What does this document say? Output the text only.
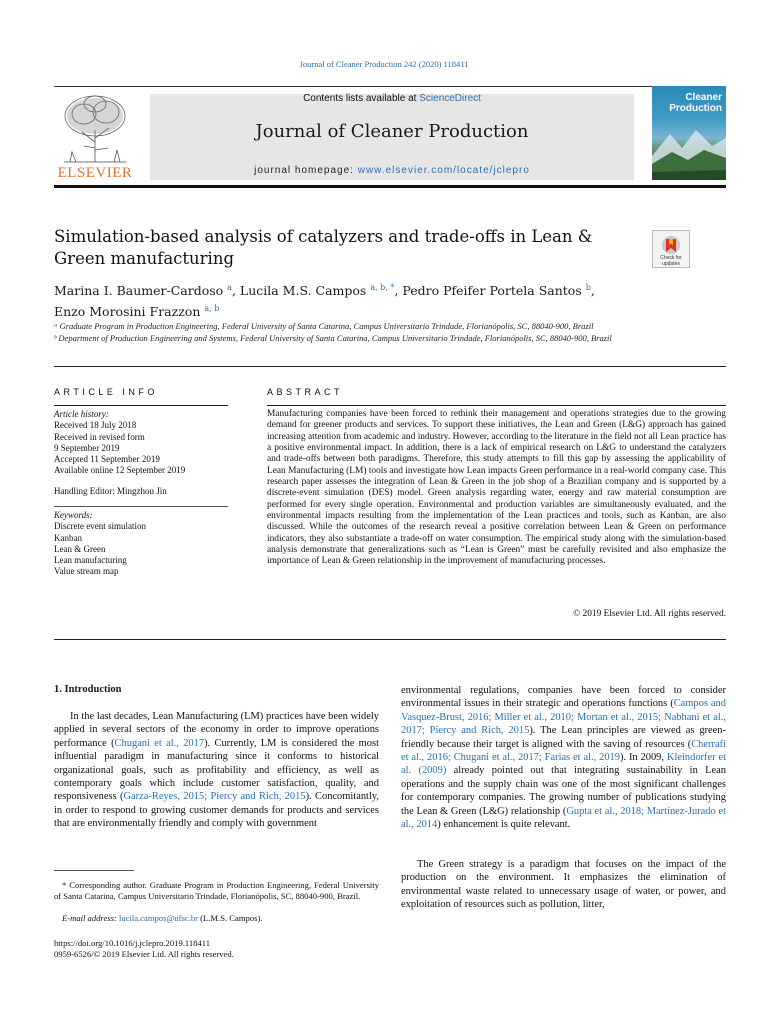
Journal of Cleaner Production 242 (2020) 118411
ELSEVIER
Contents lists available at ScienceDirect
Journal of Cleaner Production
journal homepage: www.elsevier.com/locate/jclepro
Cleaner
Production
Simulation-based analysis of catalyzers and trade-offs in Lean & Green manufacturing	Check for updates
Marina I. Baumer-Cardoso $^a$, Lucila M.S. Campos $^{a, b, *}$, Pedro Pfeifer Portela Santos $^b$,
Enzo Morosini Frazzon $^{a, b}$
ᵃ Graduate Program in Production Engineering, Federal University of Santa Catarina, Campus Universitario Trindade, Florianópolis, SC, 88040-900, Brazil
ᵇ Department of Production Engineering and Systems, Federal University of Santa Catarina, Campus Universitario Trindade, Florianópolis, SC, 88040-900, Brazil
ARTICLE INFO
Article history:
Received 18 July 2018
Received in revised form
9 September 2019
Accepted 11 September 2019
Available online 12 September 2019
Handling Editor: Mingzhou Jin
Keywords:
Discrete event simulation
Kanban
Lean & Green
Lean manufacturing
Value stream map
ABSTRACT
Manufacturing companies have been forced to rethink their management and operations strategies due to the growing demand for greener products and services. To support these initiatives, the Lean and Green (L&G) approach has gained increasing attention from academic and industry. However, according to the literature in the field not all Lean practice has a positive environmental impact. In addition, there is a lack of empirical research on L&G to understand the catalyzers and trade-offs between both paradigms. Therefore, this study attempts to fill this gap by assessing the applicability of Lean Manufacturing (LM) tools and investigate how Lean impacts Green performance in a real-world company case. This research paper assesses the integration of Lean & Green in the job shop of a Brazilian company and is supported by a discrete-event simulation (DES) model. Green analysis regarding water, energy and raw material consumption are performed for every single operation. Environmental and production variables are simultaneously evaluated, and the environmental impacts resulting from the implementation of the Lean practices and tools, such as Kanban, are also discussed. While the outcomes of the research reveal a positive correlation between Lean & Green on performance indicators, they also substantiate a trade-off on water consumption. The empirical study along with the simulation-based analysis demonstrate that generalizations such as “Lean is Green” must be carefully revisited and also emphasize the importance of Lean & Green relationship in the improvement of manufacturing processes.
© 2019 Elsevier Ltd. All rights reserved.
1. Introduction
In the last decades, Lean Manufacturing (LM) practices have been widely applied in several sectors of the economy in order to improve operations performance (Chugani et al., 2017). Currently, LM is considered the most influential paradigm in manufacturing since it conforms to historical organizational goals, such as profitability and efficiency, as well as contemporary goals which include customer satisfaction, quality, and responsiveness (Garza-Reyes, 2015; Piercy and Rich, 2015). Concomitantly, in order to respond to growing customer demands for products and services that are environmentally friendly and comply with government
environmental regulations, companies have been forced to consider environmental issues in their strategic and operations functions (Campos and Vasquez-Brust, 2016; Miller et al., 2010; Mortan et al., 2015; Nabhani et al., 2017; Piercy and Rich, 2015). The Lean principles are viewed as green-friendly because their target is aligned with the saving of resources (Cherrafi et al., 2016; Chugani et al., 2017; Farias et al., 2019). In 2009, Kleindorfer et al. (2009) already pointed out that integrating sustainability in Lean operations and the supply chain was one of the most significant challenges for contemporary companies. The growing number of publications studying the Lean & Green (L&G) relationship (Gupta et al., 2018; Martínez-Jurado et al., 2014) enhancement is quite relevant.
The Green strategy is a paradigm that focuses on the impact of the production on the environment. It emphasizes the elimination of environmental waste related to unnecessary usage of water, or power, and exploitation of resources such as pollution, litter,
* Corresponding author. Graduate Program in Production Engineering, Federal University of Santa Catarina, Campus Universitario Trindade, Florianópolis, SC, 88040-900, Brazil.
E-mail address: lucila.campos@ufsc.br (L.M.S. Campos).
https://doi.org/10.1016/j.jclepro.2019.118411
0959-6526/© 2019 Elsevier Ltd. All rights reserved.
